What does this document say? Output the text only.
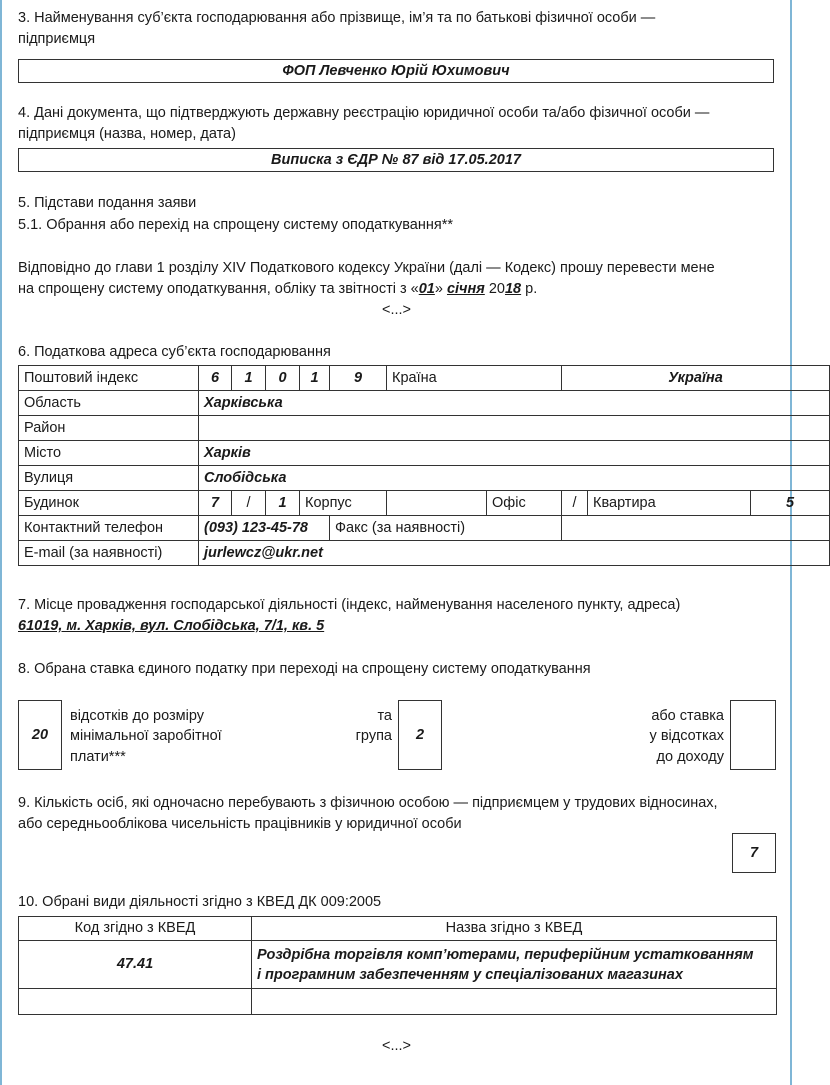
3. Найменування суб’єкта господарювання або прізвище, ім’я та по батькові фізичної особи —
підприємця
ФОП Левченко Юрій Юхимович
4. Дані документа, що підтверджують державну реєстрацію юридичної особи та/або фізичної особи —
підприємця (назва, номер, дата)
Виписка з ЄДР № 87 від 17.05.2017
5. Підстави подання заяви
5.1. Обрання або перехід на спрощену систему оподаткування**
Відповідно до глави 1 розділу XIV Податкового кодексу України (далі — Кодекс) прошу перевести мене
на спрощену систему оподаткування, обліку та звітності з «01» січня 2018 р.
<...>
6. Податкова адреса суб’єкта господарювання
Поштовий індекс	6	1	0	1	9	Країна		Україна		
Область	Харківська									
Район										
Місто	Харків									
Вулиця	Слобідська									
Будинок	7	/	1	Корпус			Офіс	/	Квартира	5
Контактний телефон	(093) 123-45-78				Факс (за наявності)					
E-mail (за наявності)	jurlewcz@ukr.net									
7. Місце провадження господарської діяльності (індекс, найменування населеного пункту, адреса)
61019, м. Харків, вул. Слобідська, 7/1, кв. 5
8. Обрана ставка єдиного податку при переході на спрощену систему оподаткування
20
відсотків до розміру
мінімальної заробітної
плати***
та
група 2
або ставка
у відсотках
до доходу
9. Кількість осіб, які одночасно перебувають з фізичною особою — підприємцем у трудових відносинах,
або середньооблікова чисельність працівників у юридичної особи
7
10. Обрані види діяльності згідно з КВЕД ДК 009:2005
Код згідно з КВЕД	Назва згідно з КВЕД
47.41	Роздрібна торгівля комп’ютерами, периферійним устаткованням
і програмним забезпеченням у спеціалізованих магазинах

<...>
